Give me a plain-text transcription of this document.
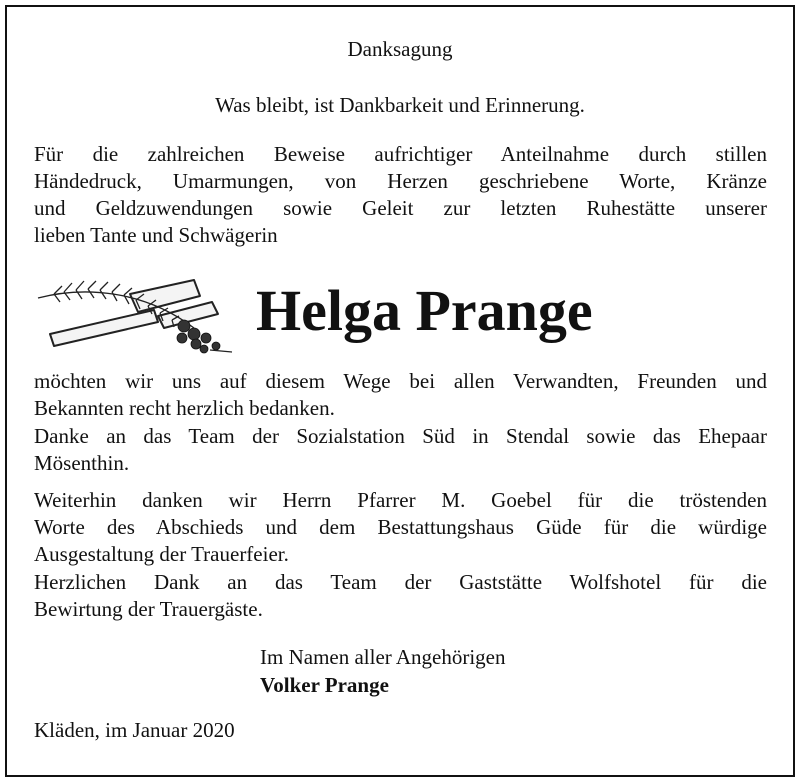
Danksagung

Was bleibt, ist Dankbarkeit und Erinnerung.

Für die zahlreichen Beweise aufrichtiger Anteilnahme durch stillen

Händedruck, Umarmungen, von Herzen geschriebene Worte, Kränze

und Geldzuwendungen sowie Geleit zur letzten Ruhestätte unserer

lieben Tante und Schwägerin

Helga Prange

möchten wir uns auf diesem Wege bei allen Verwandten, Freunden und

Bekannten recht herzlich bedanken.

Danke an das Team der Sozialstation Süd in Stendal sowie das Ehepaar

Mösenthin.

Weiterhin danken wir Herrn Pfarrer M. Goebel für die tröstenden

Worte des Abschieds und dem Bestattungshaus Güde für die würdige

Ausgestaltung der Trauerfeier.

Herzlichen Dank an das Team der Gaststätte Wolfshotel für die

Bewirtung der Trauergäste.

Im Namen aller Angehörigen

Volker Prange

Kläden, im Januar 2020
